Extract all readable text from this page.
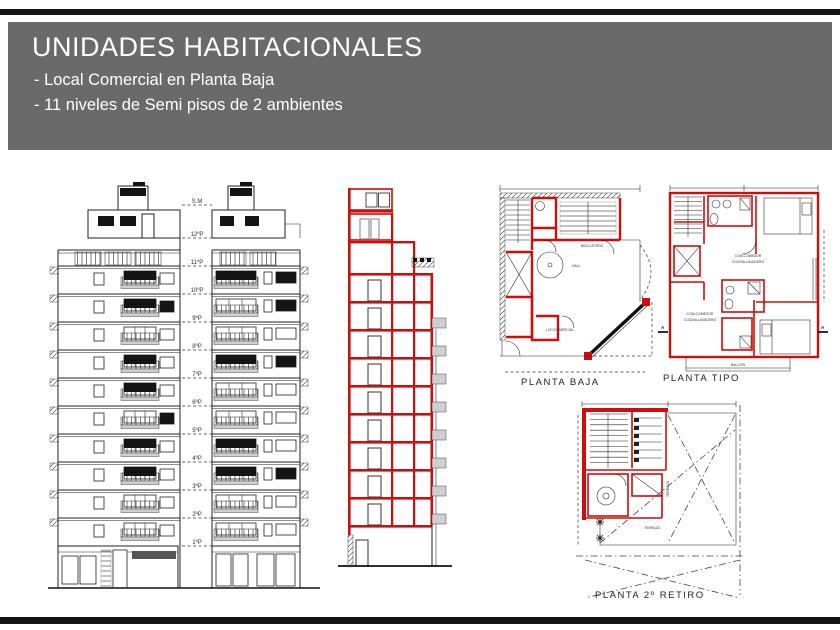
UNIDADES HABITACIONALES
- Local Comercial en Planta Baja
- 11 niveles de Semi pisos de 2 ambientes
S.M
12ºP
11ºP
10ºP
9ºP
8ºP
7ºP
6ºP
5ºP
4ºP
3ºP
2ºP
1ºP
BICICLETERO
HALL
LOC/COMERCIAL
PLANTA BAJA
COM-COMEDOR
COCINA-LAVADERO
COM-COMEDOR
COCINA-LAVADERO
A	A
BALCON
PLANTA TIPO
TERRAZA
TERRAZA
PLANTA 2º RETIRO
